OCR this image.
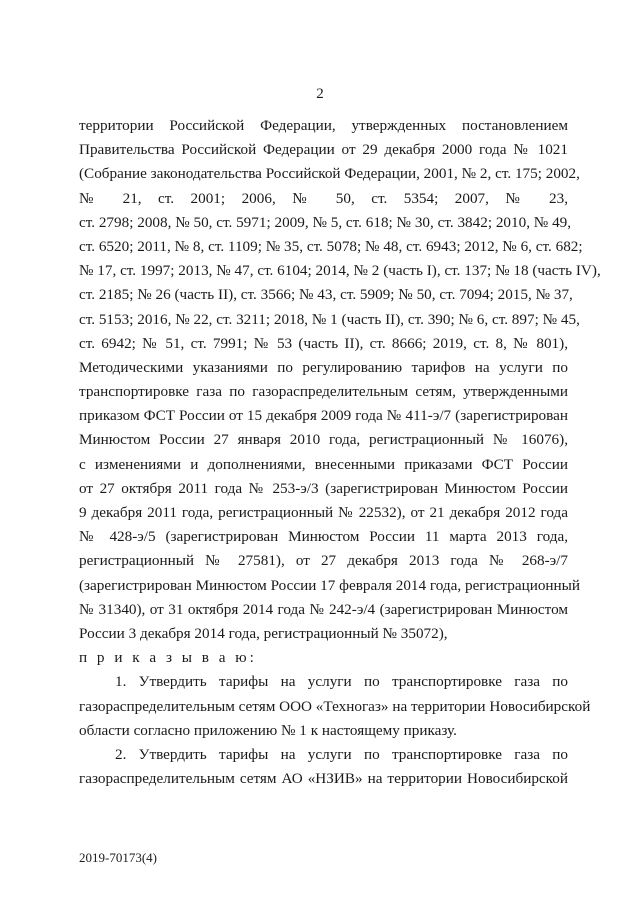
2
территории Российской Федерации, утвержденных постановлением
Правительства Российской Федерации от 29 декабря 2000 года № 1021
(Собрание законодательства Российской Федерации, 2001, № 2, ст. 175; 2002,
№ 21, ст. 2001; 2006, № 50, ст. 5354; 2007, № 23,
ст. 2798; 2008, № 50, ст. 5971; 2009, № 5, ст. 618; № 30, ст. 3842; 2010, № 49,
ст. 6520; 2011, № 8, ст. 1109; № 35, ст. 5078; № 48, ст. 6943; 2012, № 6, ст. 682;
№ 17, ст. 1997; 2013, № 47, ст. 6104; 2014, № 2 (часть I), ст. 137; № 18 (часть IV),
ст. 2185; № 26 (часть II), ст. 3566; № 43, ст. 5909; № 50, ст. 7094; 2015, № 37,
ст. 5153; 2016, № 22, ст. 3211; 2018, № 1 (часть II), ст. 390; № 6, ст. 897; № 45,
ст. 6942; № 51, ст. 7991; № 53 (часть II), ст. 8666; 2019, ст. 8, № 801),
Методическими указаниями по регулированию тарифов на услуги по
транспортировке газа по газораспределительным сетям, утвержденными
приказом ФСТ России от 15 декабря 2009 года № 411-э/7 (зарегистрирован
Минюстом России 27 января 2010 года, регистрационный № 16076),
с изменениями и дополнениями, внесенными приказами ФСТ России
от 27 октября 2011 года № 253-э/3 (зарегистрирован Минюстом России
9 декабря 2011 года, регистрационный № 22532), от 21 декабря 2012 года
№ 428-э/5 (зарегистрирован Минюстом России 11 марта 2013 года,
регистрационный № 27581), от 27 декабря 2013 года № 268-э/7
(зарегистрирован Минюстом России 17 февраля 2014 года, регистрационный
№ 31340), от 31 октября 2014 года № 242-э/4 (зарегистрирован Минюстом
России 3 декабря 2014 года, регистрационный № 35072),
п р и к а з ы в а ю:
1. Утвердить тарифы на услуги по транспортировке газа по
газораспределительным сетям ООО «Техногаз» на территории Новосибирской
области согласно приложению № 1 к настоящему приказу.
2. Утвердить тарифы на услуги по транспортировке газа по
газораспределительным сетям АО «НЗИВ» на территории Новосибирской
2019-70173(4)
